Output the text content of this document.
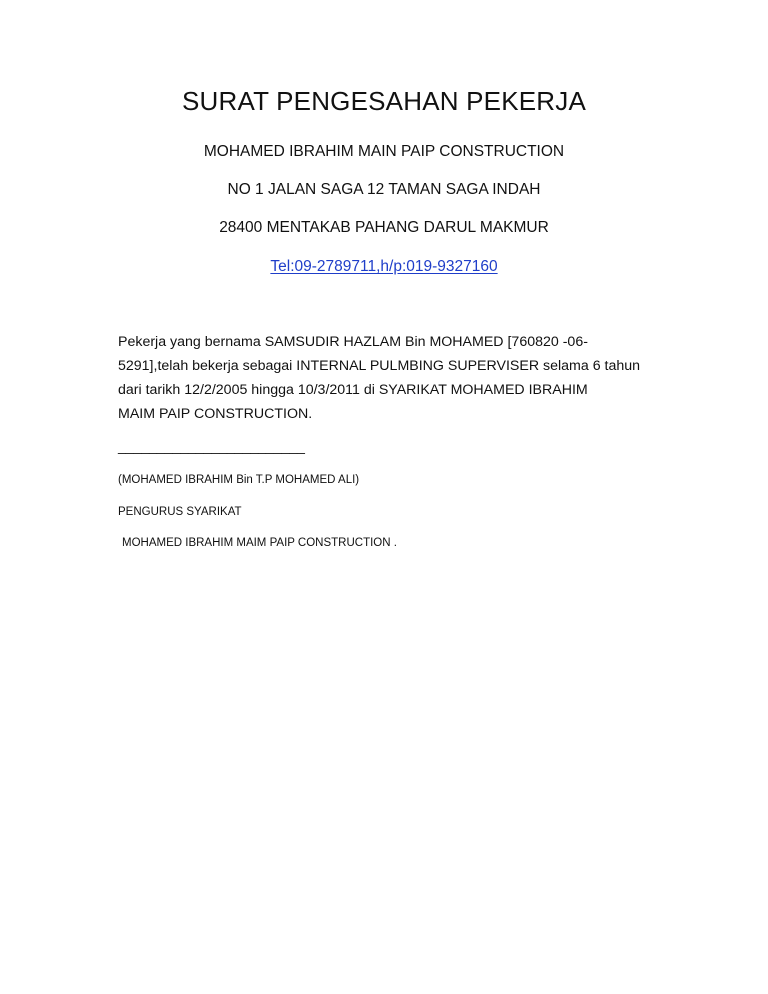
SURAT PENGESAHAN PEKERJA
MOHAMED IBRAHIM MAIN PAIP CONSTRUCTION
NO 1 JALAN SAGA 12 TAMAN SAGA INDAH
28400 MENTAKAB PAHANG DARUL MAKMUR
Tel:09-2789711,h/p:019-9327160
Pekerja yang bernama SAMSUDIR HAZLAM Bin MOHAMED [760820 -06-
5291],telah bekerja sebagai INTERNAL PULMBING SUPERVISER selama 6 tahun
dari tarikh 12/2/2005 hingga 10/3/2011 di SYARIKAT MOHAMED IBRAHIM
MAIM PAIP CONSTRUCTION.
________________________
(MOHAMED IBRAHIM Bin T.P MOHAMED ALI)
PENGURUS SYARIKAT
MOHAMED IBRAHIM MAIM PAIP CONSTRUCTION .
